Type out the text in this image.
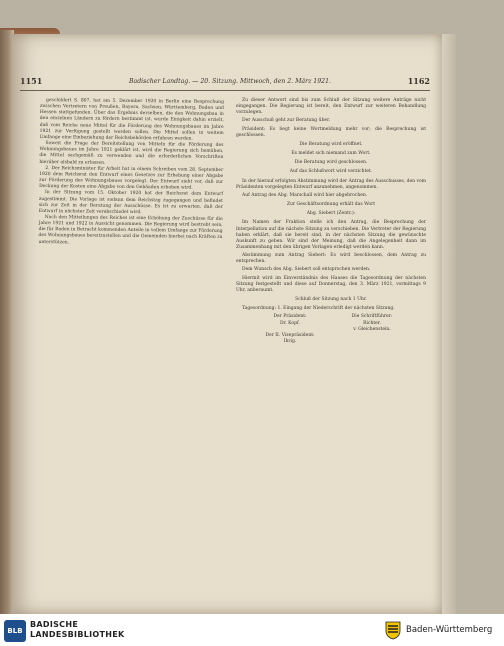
1151	Badischer Landtag. — 20. Sitzung. Mittwoch, den 2. März 1921.	1162

geschildert S. 807, hat am 5. Dezember 1920 in Berlin eine Besprechung zwischen Vertretern von Preußen, Bayern, Sachsen, Württemberg, Baden und Hessen stattgefunden. Über das Ergebnis derselben, die den Wohnungsbau in den einzelnen Ländern zu fördern bestimmt ist, wurde Einigkeit dahin erzielt, daß vom Reiche neue Mittel für die Förderung des Wohnungsbaues im Jahre 1921 zur Verfügung gestellt werden sollen. Die Mittel sollen in weitem Umfange eine Einbeziehung der Reichsbehörden erfahren werden.

Soweit die Frage der Bereitstellung von Mitteln für die Förderung des Wohnungsbaues im Jahre 1921 geklärt ist, wird die Regierung sich bemühen, die Mittel sachgemäß zu verwenden und die erforderlichen Vorschriften hierüber alsbald zu erlassen.

2. Der Reichsminister für Arbeit hat in einem Schreiben vom 28. September 1920 dem Reichsrat den Entwurf eines Gesetzes zur Erhebung einer Abgabe zur Förderung des Wohnungsbaues vorgelegt. Der Entwurf sieht vor, daß zur Deckung der Kosten eine Abgabe von den Gebäuden erhoben wird.

In der Sitzung vom 15. Oktober 1920 hat der Reichsrat dem Entwurf zugestimmt. Die Vorlage ist sodann dem Reichstag zugegangen und befindet sich zur Zeit in der Beratung der Ausschüsse. Es ist zu erwarten, daß der Entwurf in nächster Zeit verabschiedet wird.

Nach den Mitteilungen des Reiches ist eine Erhöhung der Zuschüsse für die Jahre 1921 und 1922 in Aussicht genommen. Die Regierung wird bestrebt sein, die für Baden in Betracht kommenden Anteile in vollem Umfange zur Förderung des Wohnungsbaues bereitzustellen und die Gemeinden hierbei nach Kräften zu unterstützen.

Zu dieser Antwort sind bis zum Schluß der Sitzung weitere Anträge nicht eingegangen. Die Regierung ist bereit, den Entwurf zur weiteren Behandlung vorzulegen.

Der Ausschuß geht zur Beratung über.

Präsident: Es liegt keine Wortmeldung mehr vor; die Besprechung ist geschlossen.

Die Beratung wird eröffnet.

Es meldet sich niemand zum Wort.

Die Beratung wird geschlossen.

Auf das Schlußwort wird verzichtet.

In der hierauf erfolgten Abstimmung wird der Antrag des Ausschusses, den vom Präsidenten vorgelegten Entwurf anzunehmen, angenommen.

Auf Antrag des Abg. Marschall wird hier abgebrochen.

Zur Geschäftsordnung erhält das Wort

Abg. Siebert (Zentr.):

Im Namen der Fraktion stelle ich den Antrag, die Besprechung der Interpellation auf die nächste Sitzung zu verschieben. Die Vertreter der Regierung haben erklärt, daß sie bereit sind, in der nächsten Sitzung die gewünschte Auskunft zu geben. Wir sind der Meinung, daß die Angelegenheit dann im Zusammenhang mit den übrigen Vorlagen erledigt werden kann.

Abstimmung zum Antrag Siebert: Es wird beschlossen, dem Antrag zu entsprechen.

Dem Wunsch des Abg. Siebert soll entsprochen werden.

Hiermit wird im Einverständnis des Hauses die Tagesordnung der nächsten Sitzung festgestellt und diese auf Donnerstag, den 3. März 1921, vormittags 9 Uhr, anberaumt.

Schluß der Sitzung nach 1 Uhr.

Tagesordnung: 1. Eingang der Niederschrift der nächsten Sitzung.

Der Präsident:
Dr. Kopf.
Die Schriftführer:
Richter.
v. Gleichenstein.
Der II. Vizepräsident:
Ihrig.
BLB
BADISCHE
LANDESBIBLIOTHEK	Baden-Württemberg
